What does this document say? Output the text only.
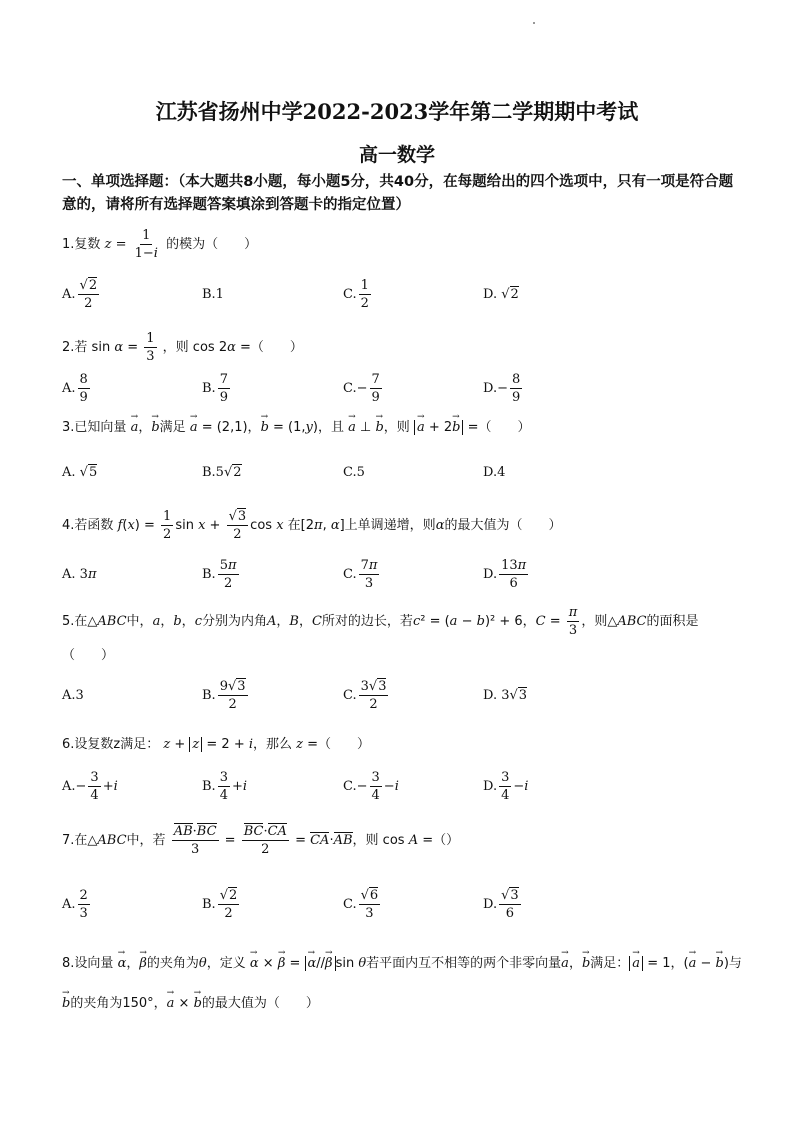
江苏省扬州中学2022-2023学年第二学期期中考试
高一数学
一、单项选择题：（本大题共8小题，每小题5分，共40分，在每题给出的四个选项中，只有一项是符合题意的，请将所有选择题答案填涂到答题卡的指定位置）
1.复数 $z = \frac{1}{1-i}$ 的模为（　　）
A. $\frac{√2}{2}$	B.1	C. $\frac{1}{2}$	D. √ 2
2.若 $\sin \alpha = \frac{1}{3}$ ，则 cos 2α =（　　）
A. $\frac{8}{9}$	B. $\frac{7}{9}$	$C.- \frac{7}{9}$	$D.- \frac{8}{9}$
3.已知向量 → a，→ b满足 → a = (2,1)，→ b = (1,y)，且 → a ⊥ → b，则 → a + 2→ b =（　　）
A. √ 5	B.5√ 2	C.5	D.4
4.若函数 $f(x) = \frac{1}{2}$ $\sin x + \frac{√3}{2}$ cos x 在[2π, α]上单调递增，则α的最大值为（　　）
A. 3 π	B. $\frac{5\pi}{2}$	C. $\frac{7\pi}{3}$	D. $\frac{13\pi}{6}$
5.在△ABC中，a，b，c分别为内角A，B，C所对的边长，若c² = (a − b)² + 6，$C = \frac{\pi}{3}$ ，则△ABC的面积是（　　）
A.3	B. $\frac{9√3}{2}$	C. $\frac{3√3}{2}$	D. 3√ 3
6.设复数z满足： z + z = 2 + i，那么 z =（　　）
$A.- \frac{3}{4} + i$	B. $\frac{3}{4} + i$	$C.- \frac{3}{4} - i$	D. $\frac{3}{4} - i$
7.在△ABC中，若 $\frac{AB\cdot BC}{3} = \frac{BC\cdot CA}{2} = CA\cdot AB$，则 cos A =（）
A. $\frac{2}{3}$	B. $\frac{√2}{2}$	C. $\frac{√6}{3}$	D. $\frac{√3}{6}$
8.设向量 → α，→ β的夹角为θ，定义 → α × → β = → α//→ β sin θ若平面内互不相等的两个非零向量→ a，→ b满足： → a = 1，(→ a − → b)与→ b的夹角为150°，→ a × → b的最大值为（　　）
